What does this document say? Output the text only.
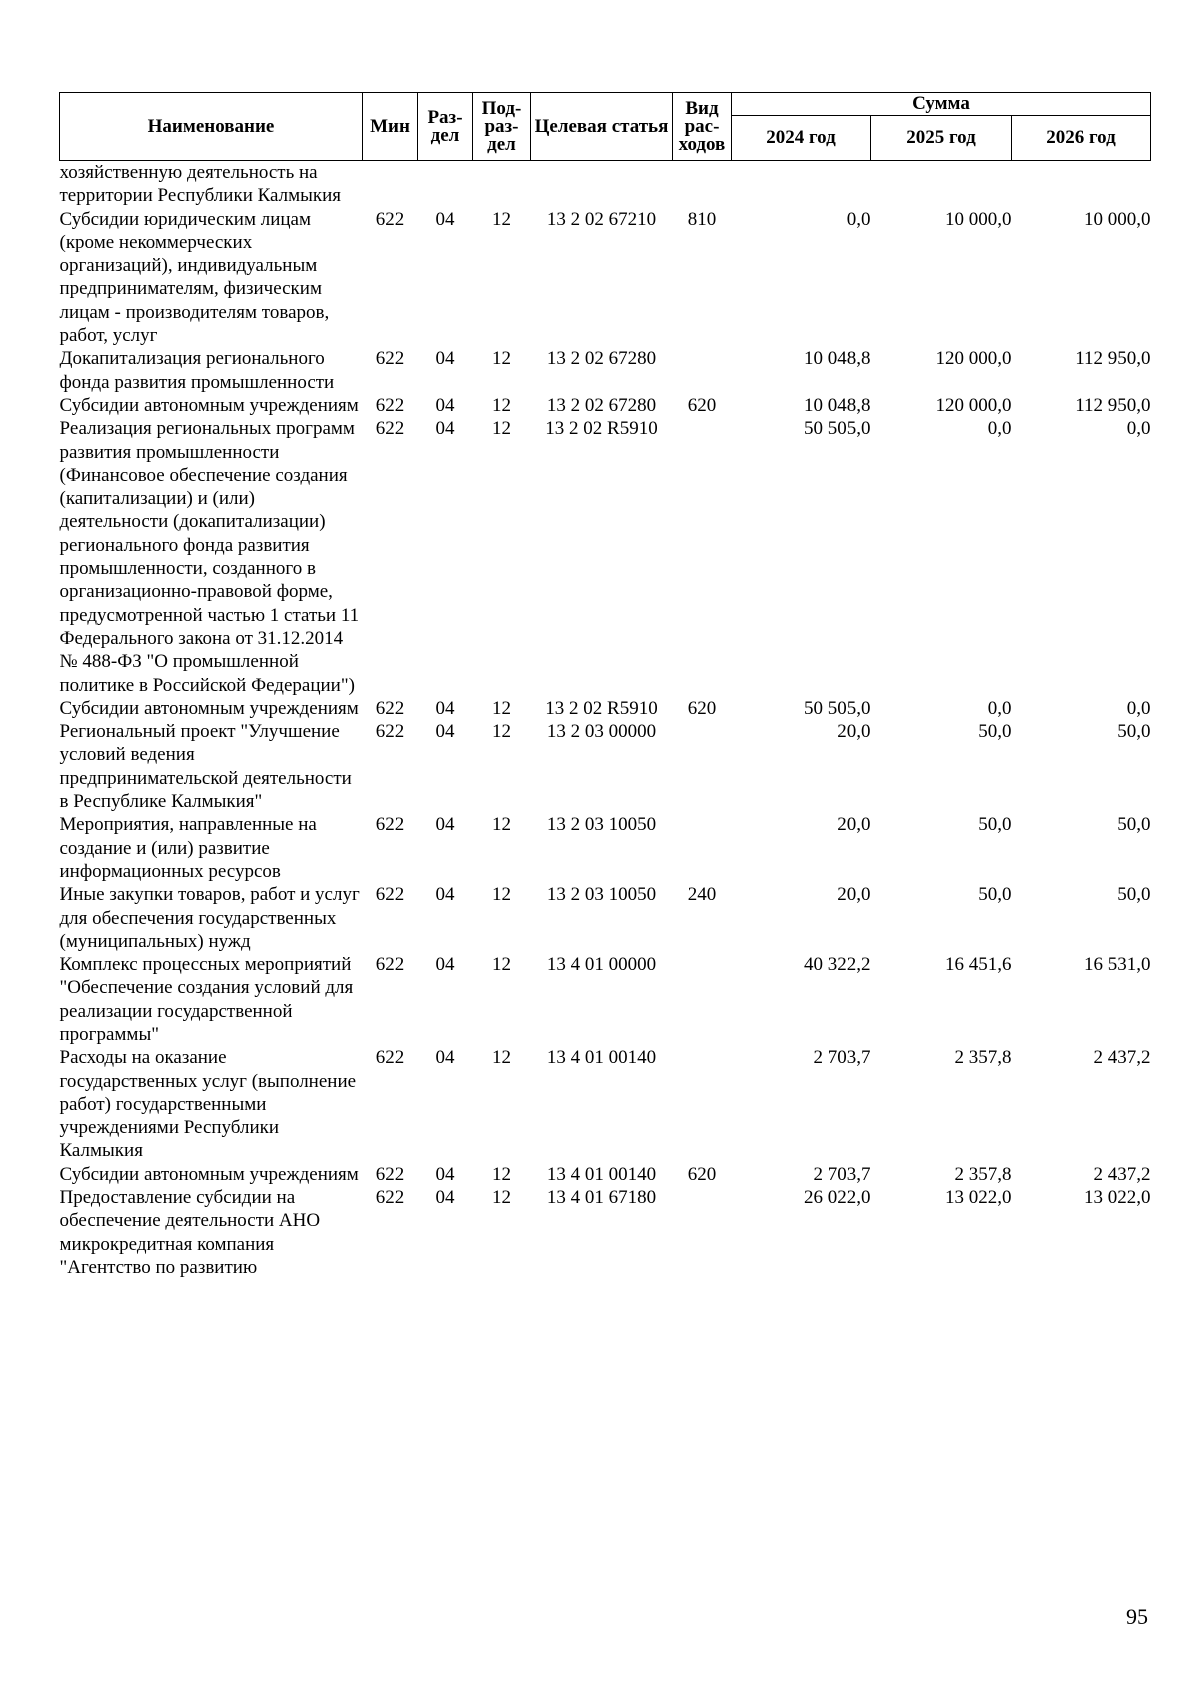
Наименование	Мин	Раз-дел	Под-раз-дел	Целевая статья	Вид рас-ходов	Сумма		
						2024 год	2025 год	2026 год
хозяйственную деятельность на территории Республики Калмыкия								
Субсидии юридическим лицам (кроме некоммерческих организаций), индивидуальным предпринимателям, физическим лицам - производителям товаров, работ, услуг	622	04	12	13 2 02 67210	810	0,0	10 000,0	10 000,0
Докапитализация регионального фонда развития промышленности	622	04	12	13 2 02 67280		10 048,8	120 000,0	112 950,0
Субсидии автономным учреждениям	622	04	12	13 2 02 67280	620	10 048,8	120 000,0	112 950,0
Реализация региональных программ развития промышленности (Финансовое обеспечение создания (капитализации) и (или) деятельности (докапитализации) регионального фонда развития промышленности, созданного в организационно-правовой форме, предусмотренной частью 1 статьи 11 Федерального закона от 31.12.2014 № 488-ФЗ "О промышленной политике в Российской Федерации")	622	04	12	13 2 02 R5910		50 505,0	0,0	0,0
Субсидии автономным учреждениям	622	04	12	13 2 02 R5910	620	50 505,0	0,0	0,0
Региональный проект "Улучшение условий ведения предпринимательской деятельности в Республике Калмыкия"	622	04	12	13 2 03 00000		20,0	50,0	50,0
Мероприятия, направленные на создание и (или) развитие информационных ресурсов	622	04	12	13 2 03 10050		20,0	50,0	50,0
Иные закупки товаров, работ и услуг для обеспечения государственных (муниципальных) нужд	622	04	12	13 2 03 10050	240	20,0	50,0	50,0
Комплекс процессных мероприятий "Обеспечение создания условий для реализации государственной программы"	622	04	12	13 4 01 00000		40 322,2	16 451,6	16 531,0
Расходы на оказание государственных услуг (выполнение работ) государственными учреждениями Республики Калмыкия	622	04	12	13 4 01 00140		2 703,7	2 357,8	2 437,2
Субсидии автономным учреждениям	622	04	12	13 4 01 00140	620	2 703,7	2 357,8	2 437,2
Предоставление субсидии на обеспечение деятельности АНО микрокредитная компания "Агентство по развитию	622	04	12	13 4 01 67180		26 022,0	13 022,0	13 022,0
95
